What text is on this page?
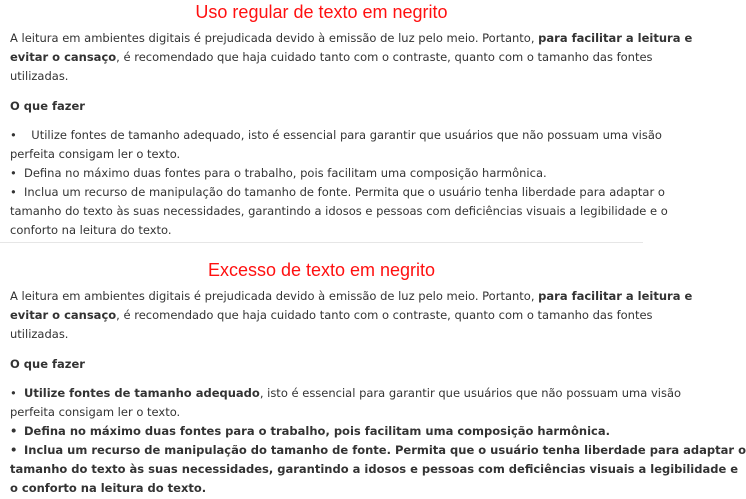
Uso regular de texto em negrito

A leitura em ambientes digitais é prejudicada devido à emissão de luz pelo meio. Portanto, para facilitar a leitura e

evitar o cansaço, é recomendado que haja cuidado tanto com o contraste, quanto com o tamanho das fontes

utilizadas.

O que fazer

•  Utilize fontes de tamanho adequado, isto é essencial para garantir que usuários que não possuam uma visão
perfeita consigam ler o texto.
• Defina no máximo duas fontes para o trabalho, pois facilitam uma composição harmônica.
• Inclua um recurso de manipulação do tamanho de fonte. Permita que o usuário tenha liberdade para adaptar o
tamanho do texto às suas necessidades, garantindo a idosos e pessoas com deficiências visuais a legibilidade e o
conforto na leitura do texto.
Excesso de texto em negrito

A leitura em ambientes digitais é prejudicada devido à emissão de luz pelo meio. Portanto, para facilitar a leitura e

evitar o cansaço, é recomendado que haja cuidado tanto com o contraste, quanto com o tamanho das fontes

utilizadas.

O que fazer

• Utilize fontes de tamanho adequado, isto é essencial para garantir que usuários que não possuam uma visão
perfeita consigam ler o texto.
• Defina no máximo duas fontes para o trabalho, pois facilitam uma composição harmônica.
• Inclua um recurso de manipulação do tamanho de fonte. Permita que o usuário tenha liberdade para adaptar o
tamanho do texto às suas necessidades, garantindo a idosos e pessoas com deficiências visuais a legibilidade e
o conforto na leitura do texto.
